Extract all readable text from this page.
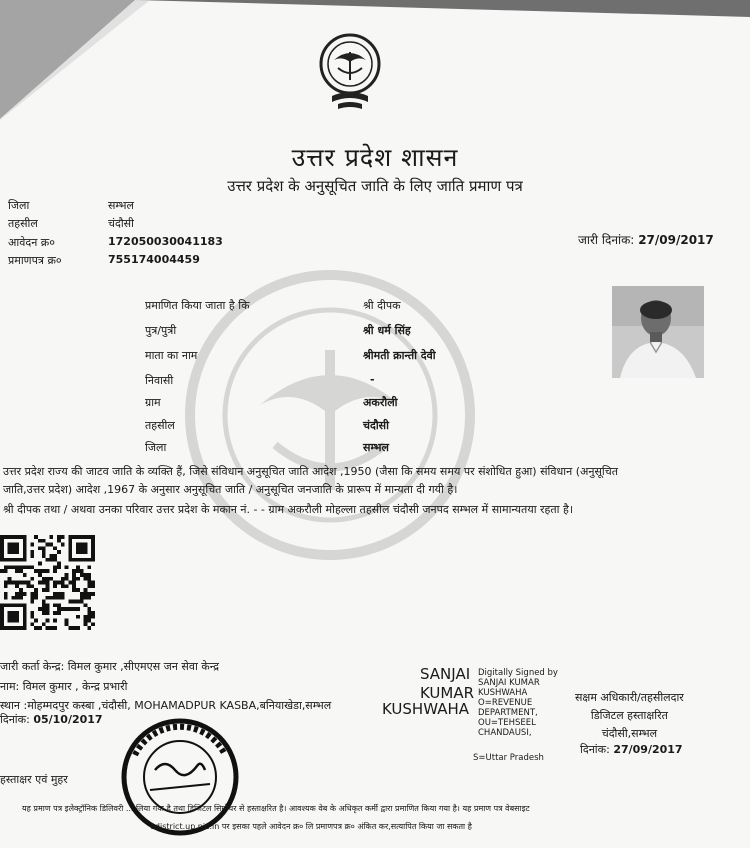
उत्तर प्रदेश शासन
उत्तर प्रदेश के अनुसूचित जाति के लिए जाति प्रमाण पत्र
जिला	सम्भल
तहसील	चंदौसी
आवेदन क्र०	172050030041183
प्रमाणपत्र क्र०	755174004459
जारी दिनांक: 27/09/2017
प्रमाणित किया जाता है कि	श्री दीपक
पुत्र/पुत्री	श्री धर्म सिंह
माता का नाम	श्रीमती क्रान्ती देवी
निवासी	-
ग्राम	अकरौली
तहसील	चंदौसी
जिला	सम्भल
उत्तर प्रदेश राज्य की जाटव जाति के व्यक्ति हैं, जिसे संविधान अनुसूचित जाति आदेश ,1950 (जैसा कि समय समय पर संशोधित हुआ) संविधान (अनुसूचित
जाति,उत्तर प्रदेश) आदेश ,1967 के अनुसार अनुसूचित जाति / अनुसूचित जनजाति के प्रारूप में मान्यता दी गयी है।
श्री दीपक तथा / अथवा उनका परिवार उत्तर प्रदेश के मकान नं. - - ग्राम अकरौली मोहल्ला तहसील चंदौसी जनपद सम्भल में सामान्यतया रहता है।
जारी कर्ता केन्द्र: विमल कुमार ,सीएमएस जन सेवा केन्द्र
नाम: विमल कुमार , केन्द्र प्रभारी
स्थान :मोहम्मदपुर कस्बा ,चंदौसी, MOHAMADPUR KASBA,बनियाखेडा,सम्भल
दिनांक: 05/10/2017
हस्ताक्षर एवं मुहर
SANJAI
KUMAR
KUSHWAHA
Digitally Signed by
SANJAI KUMAR
KUSHWAHA
O=REVENUE
DEPARTMENT,
OU=TEHSEEL
CHANDAUSI,
S=Uttar Pradesh
सक्षम अधिकारी/तहसीलदार
डिजिटल हस्ताक्षरित
चंदौसी,सम्भल
दिनांक: 27/09/2017
यह प्रमाण पत्र इलेक्ट्रॉनिक डिलिवरी ... लिया गया है तथा डिजिटल सिग्नेचर से हस्ताक्षरित है। आवश्यक वेब के अधिकृत कर्मी द्वारा प्रमाणित किया गया है। यह प्रमाण पत्र वेबसाइट
edistrict.up.nic.in पर इसका पहले आवेदन क्र० लि प्रमाणपत्र क्र० अंकित कर,सत्यापित किया जा सकता है
